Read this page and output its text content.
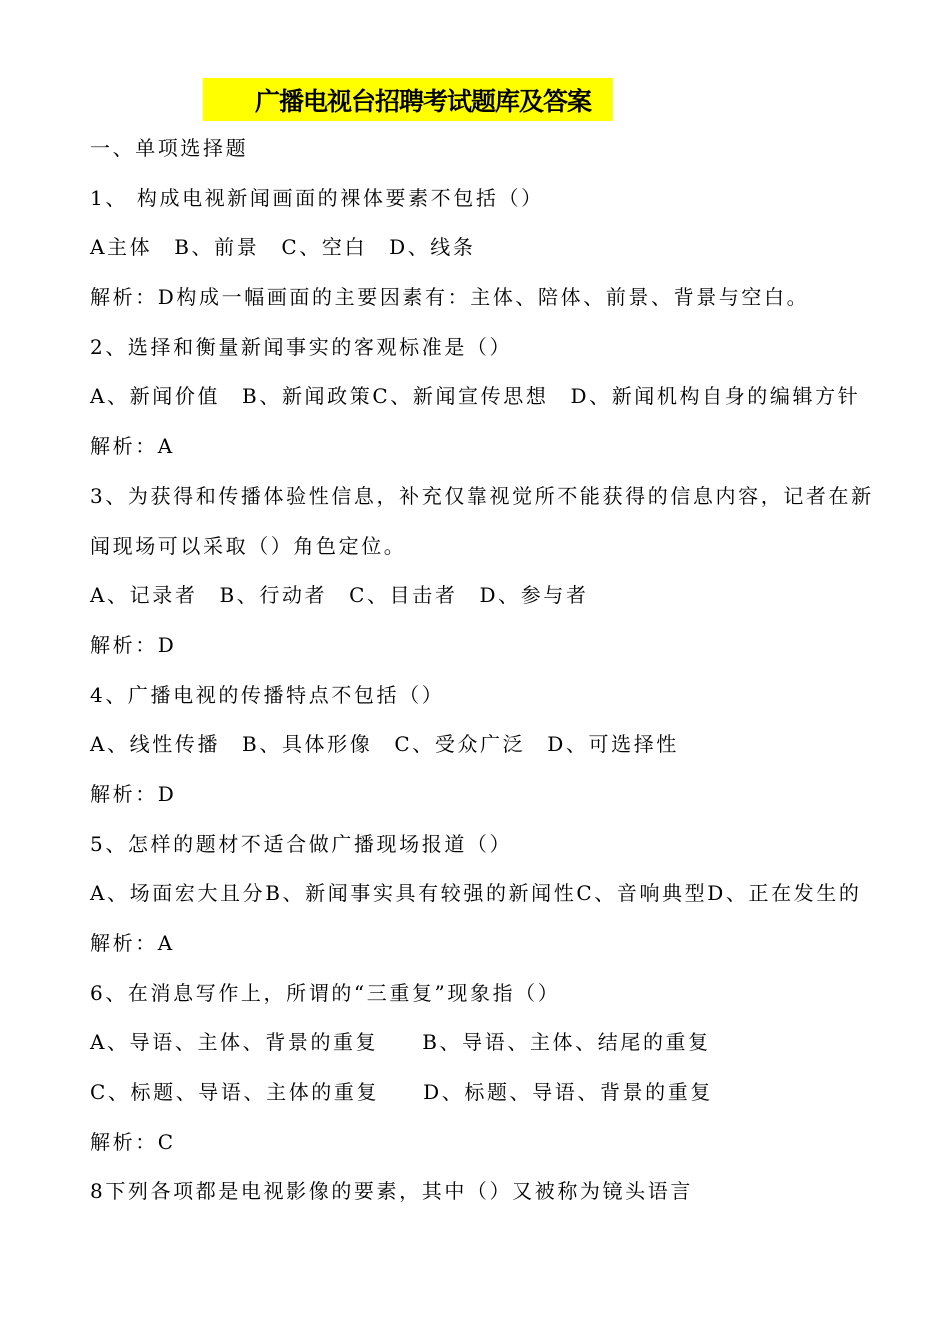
广播电视台招聘考试题库及答案
一、单项选择题
1、 构成电视新闻画面的裸体要素不包括（）
A主体 B、前景 C、空白 D、线条
解析：D构成一幅画面的主要因素有：主体、陪体、前景、背景与空白。
2、选择和衡量新闻事实的客观标准是（）
A、新闻价值 B、新闻政策C、新闻宣传思想 D、新闻机构自身的编辑方针
解析：A
3、为获得和传播体验性信息，补充仅靠视觉所不能获得的信息内容，记者在新
闻现场可以采取（）角色定位。
A、记录者 B、行动者 C、目击者 D、参与者
解析：D
4、广播电视的传播特点不包括（）
A、线性传播 B、具体形像 C、受众广泛 D、可选择性
解析：D
5、怎样的题材不适合做广播现场报道（）
A、场面宏大且分B、新闻事实具有较强的新闻性C、音响典型D、正在发生的
解析：A
6、在消息写作上，所谓的“三重复”现象指（）
A、导语、主体、背景的重复 B、导语、主体、结尾的重复
C、标题、导语、主体的重复 D、标题、导语、背景的重复
解析：C
8下列各项都是电视影像的要素，其中（）又被称为镜头语言
